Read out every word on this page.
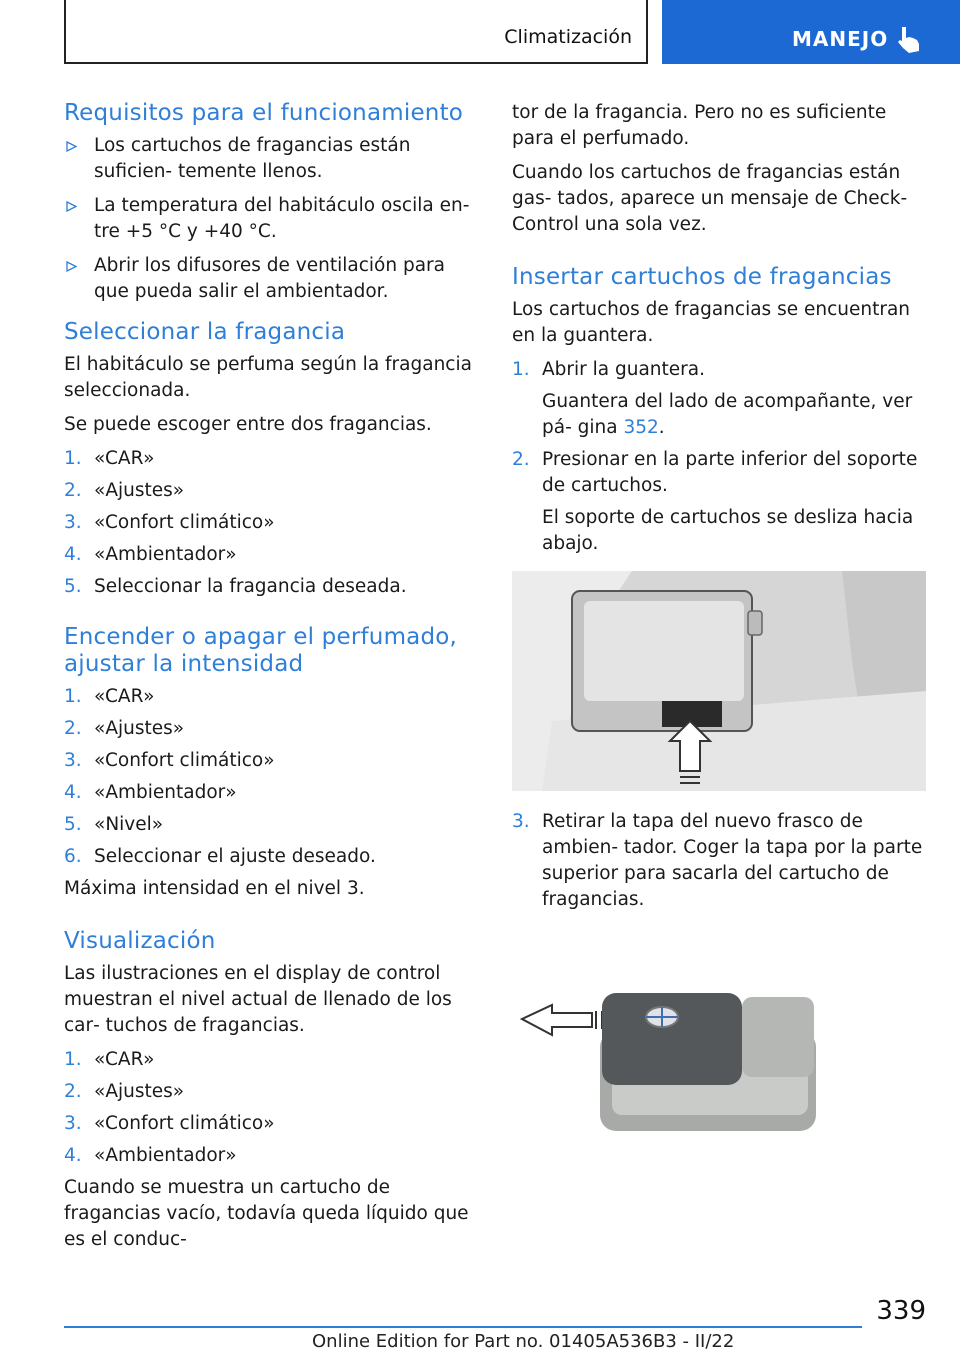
Climatización	MANEJO
Requisitos para el funcionamiento
Los cartuchos de fragancias están suficien‐ temente llenos.
La temperatura del habitáculo oscila en‐ tre +5 °C y +40 °C.
Abrir los difusores de ventilación para que pueda salir el ambientador.
Seleccionar la fragancia

El habitáculo se perfuma según la fragancia seleccionada.

Se puede escoger entre dos fragancias.

1. «CAR»
2. «Ajustes»
3. «Confort climático»
4. «Ambientador»
5. Seleccionar la fragancia deseada.
Encender o apagar el perfumado, ajustar la intensidad
1. «CAR»
2. «Ajustes»
3. «Confort climático»
4. «Ambientador»
5. «Nivel»
6. Seleccionar el ajuste deseado.

Máxima intensidad en el nivel 3.

Visualización

Las ilustraciones en el display de control muestran el nivel actual de llenado de los car‐ tuchos de fragancias.

1. «CAR»
2. «Ajustes»
3. «Confort climático»
4. «Ambientador»

Cuando se muestra un cartucho de fragancias vacío, todavía queda líquido que es el conduc‐

tor de la fragancia. Pero no es suficiente para el perfumado.

Cuando los cartuchos de fragancias están gas‐ tados, aparece un mensaje de Check-Control una sola vez.

Insertar cartuchos de fragancias

Los cartuchos de fragancias se encuentran en la guantera.

1. Abrir la guantera.
Guantera del lado de acompañante, ver pá‐ gina 352.
2. Presionar en la parte inferior del soporte de cartuchos.
El soporte de cartuchos se desliza hacia abajo.
3. Retirar la tapa del nuevo frasco de ambien‐ tador. Coger la tapa por la parte superior para sacarla del cartucho de fragancias.
339
Online Edition for Part no. 01405A536B3 - II/22
